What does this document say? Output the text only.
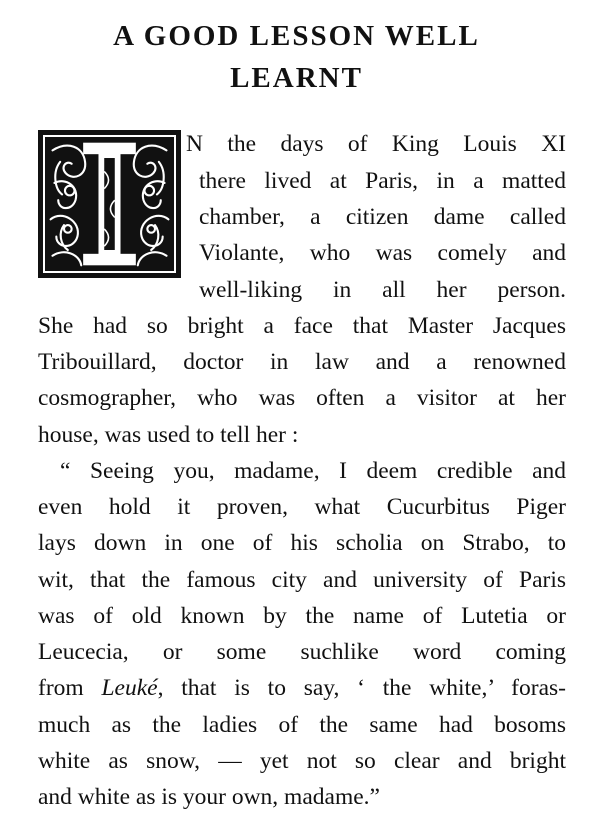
A GOOD LESSON WELL
LEARNT

N the days of King Louis XI

there lived at Paris, in a matted

chamber, a citizen dame called

Violante, who was comely and

well-liking in all her person.

She had so bright a face that Master Jacques

Tribouillard, doctor in law and a renowned

cosmographer, who was often a visitor at her

house, was used to tell her :

“ Seeing you, madame, I deem credible and

even hold it proven, what Cucurbitus Piger

lays down in one of his scholia on Strabo, to

wit, that the famous city and university of Paris

was of old known by the name of Lutetia or

Leucecia, or some suchlike word coming

from Leuké, that is to say, ‘ the white,’ foras-

much as the ladies of the same had bosoms

white as snow, — yet not so clear and bright

and white as is your own, madame.”
